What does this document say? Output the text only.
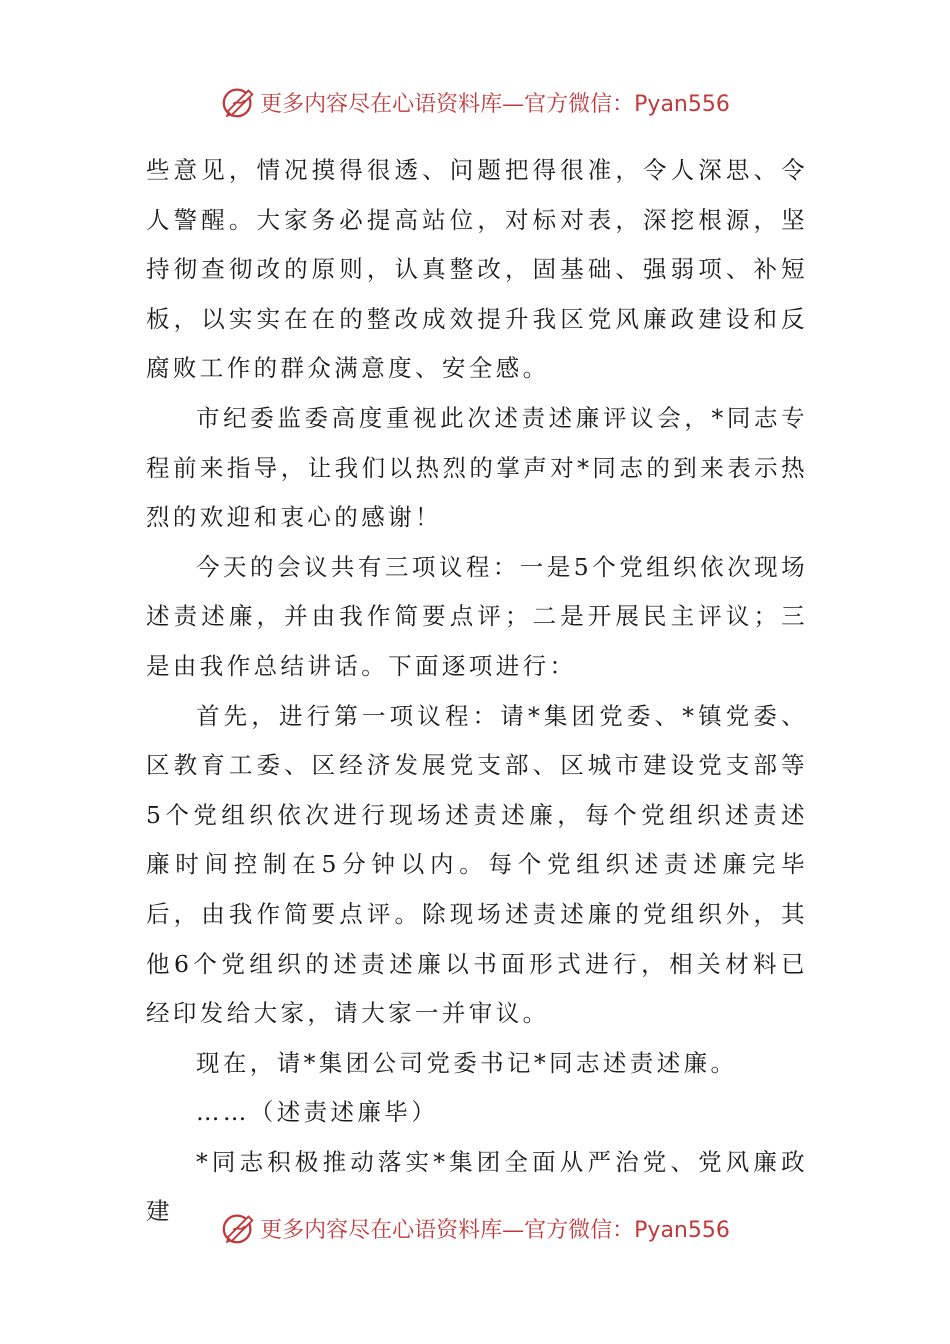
更多内容尽在心语资料库—官方微信：Pyan556

些意见，情况摸得很透、问题把得很准，令人深思、令人警醒。大家务必提高站位，对标对表，深挖根源，坚持彻查彻改的原则，认真整改，固基础、强弱项、补短板，以实实在在的整改成效提升我区党风廉政建设和反腐败工作的群众满意度、安全感。

市纪委监委高度重视此次述责述廉评议会，*同志专程前来指导，让我们以热烈的掌声对*同志的到来表示热烈的欢迎和衷心的感谢！

今天的会议共有三项议程：一是5个党组织依次现场述责述廉，并由我作简要点评；二是开展民主评议；三是由我作总结讲话。下面逐项进行：

首先，进行第一项议程：请*集团党委、*镇党委、区教育工委、区经济发展党支部、区城市建设党支部等5个党组织依次进行现场述责述廉，每个党组织述责述廉时间控制在5分钟以内。每个党组织述责述廉完毕后，由我作简要点评。除现场述责述廉的党组织外，其他6个党组织的述责述廉以书面形式进行，相关材料已经印发给大家，请大家一并审议。

现在，请*集团公司党委书记*同志述责述廉。

……（述责述廉毕）

*同志积极推动落实*集团全面从严治党、党风廉政建

更多内容尽在心语资料库—官方微信：Pyan556
